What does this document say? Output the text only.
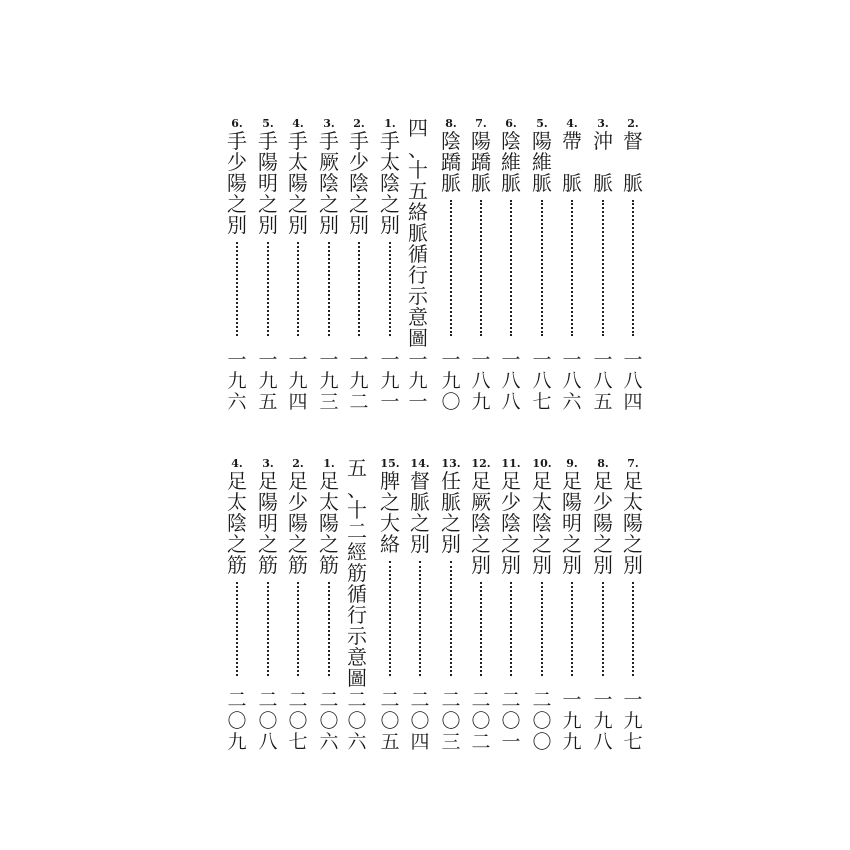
2.
督

脈
一
八
四
3.
沖

脈
一
八
五
4.
帶

脈
一
八
六
5.
陽
維
脈
一
八
七
6.
陰
維
脈
一
八
八
7.
陽
蹻
脈
一
八
九
8.
陰
蹻
脈
一
九
〇
四
、
十
五
絡
脈
循
行
示
意
圖
一
九
一
1.
手
太
陰
之
別
一
九
一
2.
手
少
陰
之
別
一
九
二
3.
手
厥
陰
之
別
一
九
三
4.
手
太
陽
之
別
一
九
四
5.
手
陽
明
之
別
一
九
五
6.
手
少
陽
之
別
一
九
六
7.
足
太
陽
之
別
一
九
七
8.
足
少
陽
之
別
一
九
八
9.
足
陽
明
之
別
一
九
九
10.
足
太
陰
之
別
二
〇
〇
11.
足
少
陰
之
別
二
〇
一
12.
足
厥
陰
之
別
二
〇
二
13.
任
脈
之
別
二
〇
三
14.
督
脈
之
別
二
〇
四
15.
脾
之
大
絡
二
〇
五
五
、
十
二
經
筋
循
行
示
意
圖
二
〇
六
1.
足
太
陽
之
筋
二
〇
六
2.
足
少
陽
之
筋
二
〇
七
3.
足
陽
明
之
筋
二
〇
八
4.
足
太
陰
之
筋
二
〇
九
